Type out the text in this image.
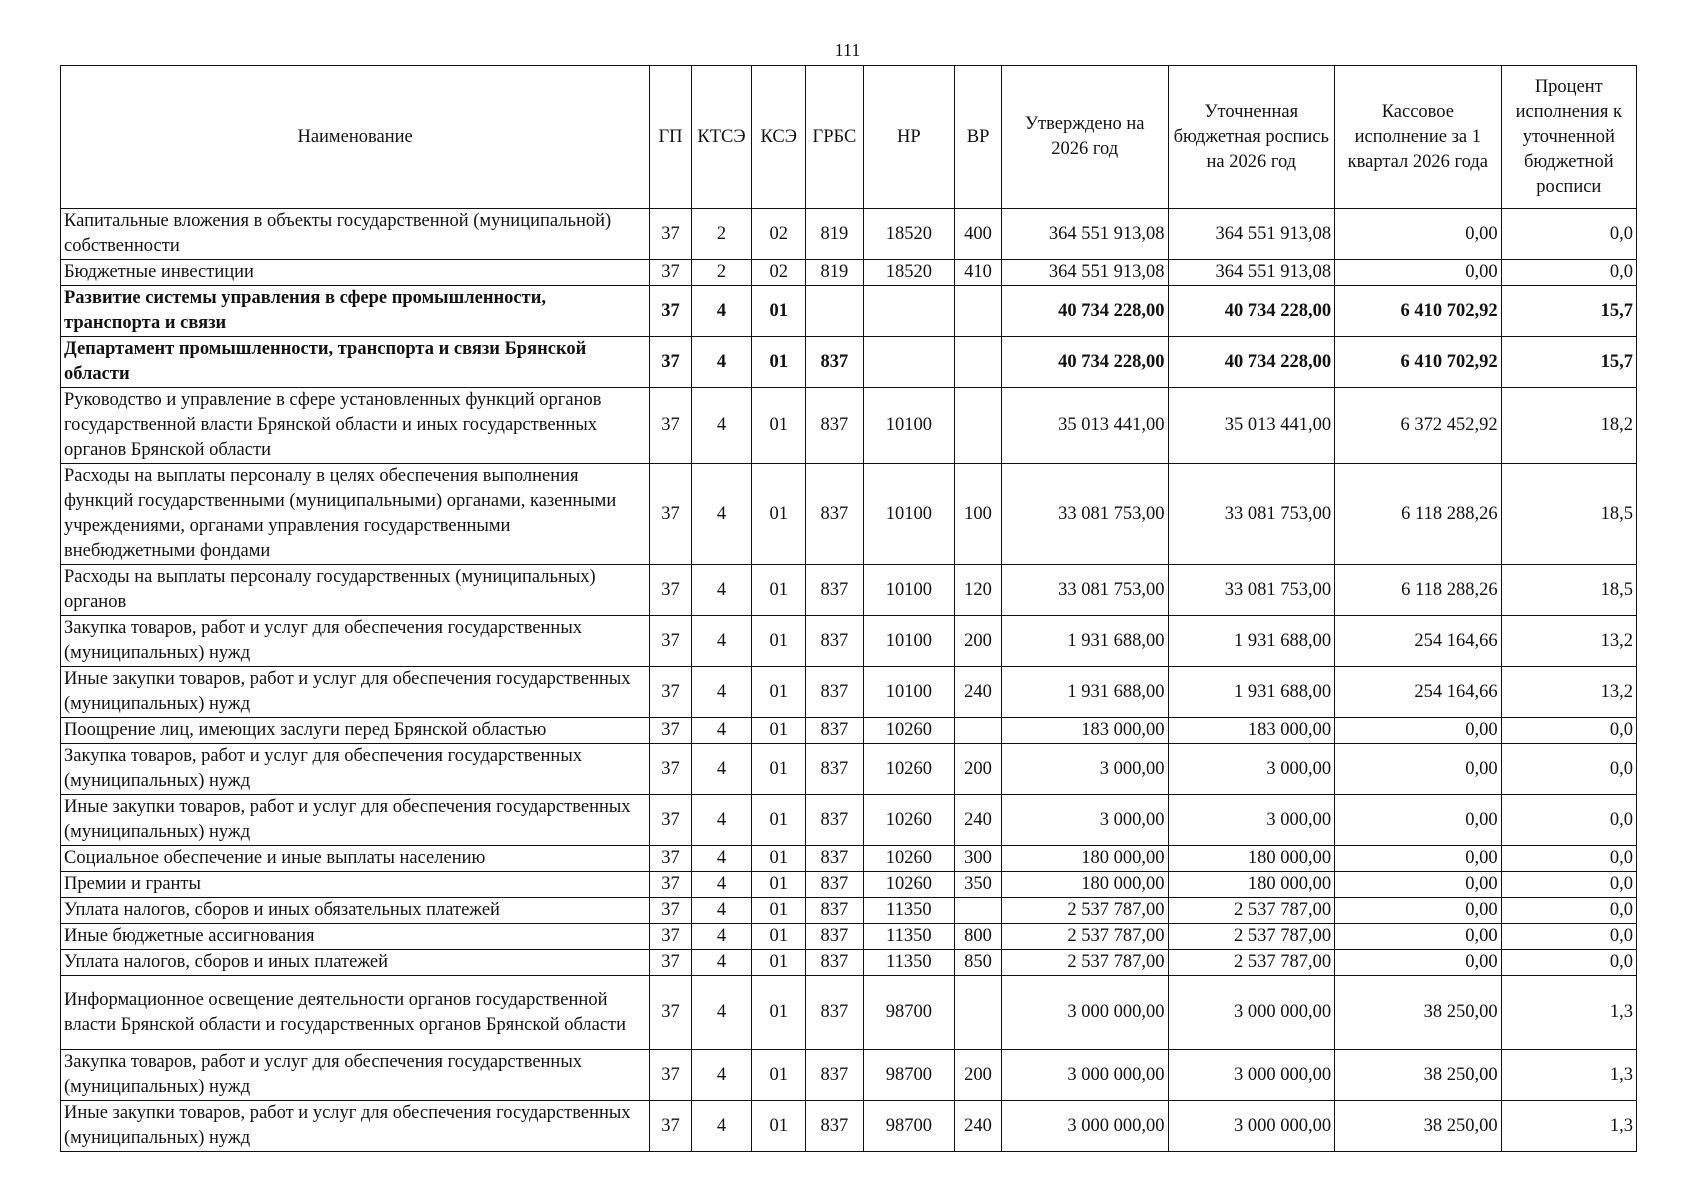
111
Наименование	ГП	КТСЭ	КСЭ	ГРБС	НР	ВР	Утверждено на 2026 год	Уточненная бюджетная роспись на 2026 год	Кассовое исполнение за 1 квартал 2026 года	Процент исполнения к уточненной бюджетной росписи
Капитальные вложения в объекты государственной (муниципальной) собственности	37	2	02	819	18520	400	364 551 913,08	364 551 913,08	0,00	0,0
Бюджетные инвестиции	37	2	02	819	18520	410	364 551 913,08	364 551 913,08	0,00	0,0
Развитие системы управления в сфере промышленности, транспорта и связи	37	4	01				40 734 228,00	40 734 228,00	6 410 702,92	15,7
Департамент промышленности, транспорта и связи Брянской области	37	4	01	837			40 734 228,00	40 734 228,00	6 410 702,92	15,7
Руководство и управление в сфере установленных функций органов государственной власти Брянской области и иных государственных органов Брянской области	37	4	01	837	10100		35 013 441,00	35 013 441,00	6 372 452,92	18,2
Расходы на выплаты персоналу в целях обеспечения выполнения функций государственными (муниципальными) органами, казенными учреждениями, органами управления государственными внебюджетными фондами	37	4	01	837	10100	100	33 081 753,00	33 081 753,00	6 118 288,26	18,5
Расходы на выплаты персоналу государственных (муниципальных) органов	37	4	01	837	10100	120	33 081 753,00	33 081 753,00	6 118 288,26	18,5
Закупка товаров, работ и услуг для обеспечения государственных (муниципальных) нужд	37	4	01	837	10100	200	1 931 688,00	1 931 688,00	254 164,66	13,2
Иные закупки товаров, работ и услуг для обеспечения государственных (муниципальных) нужд	37	4	01	837	10100	240	1 931 688,00	1 931 688,00	254 164,66	13,2
Поощрение лиц, имеющих заслуги перед Брянской областью	37	4	01	837	10260		183 000,00	183 000,00	0,00	0,0
Закупка товаров, работ и услуг для обеспечения государственных (муниципальных) нужд	37	4	01	837	10260	200	3 000,00	3 000,00	0,00	0,0
Иные закупки товаров, работ и услуг для обеспечения государственных (муниципальных) нужд	37	4	01	837	10260	240	3 000,00	3 000,00	0,00	0,0
Социальное обеспечение и иные выплаты населению	37	4	01	837	10260	300	180 000,00	180 000,00	0,00	0,0
Премии и гранты	37	4	01	837	10260	350	180 000,00	180 000,00	0,00	0,0
Уплата налогов, сборов и иных обязательных платежей	37	4	01	837	11350		2 537 787,00	2 537 787,00	0,00	0,0
Иные бюджетные ассигнования	37	4	01	837	11350	800	2 537 787,00	2 537 787,00	0,00	0,0
Уплата налогов, сборов и иных платежей	37	4	01	837	11350	850	2 537 787,00	2 537 787,00	0,00	0,0
Информационное освещение деятельности органов государственной власти Брянской области и государственных органов Брянской области	37	4	01	837	98700		3 000 000,00	3 000 000,00	38 250,00	1,3
Закупка товаров, работ и услуг для обеспечения государственных (муниципальных) нужд	37	4	01	837	98700	200	3 000 000,00	3 000 000,00	38 250,00	1,3
Иные закупки товаров, работ и услуг для обеспечения государственных (муниципальных) нужд	37	4	01	837	98700	240	3 000 000,00	3 000 000,00	38 250,00	1,3
